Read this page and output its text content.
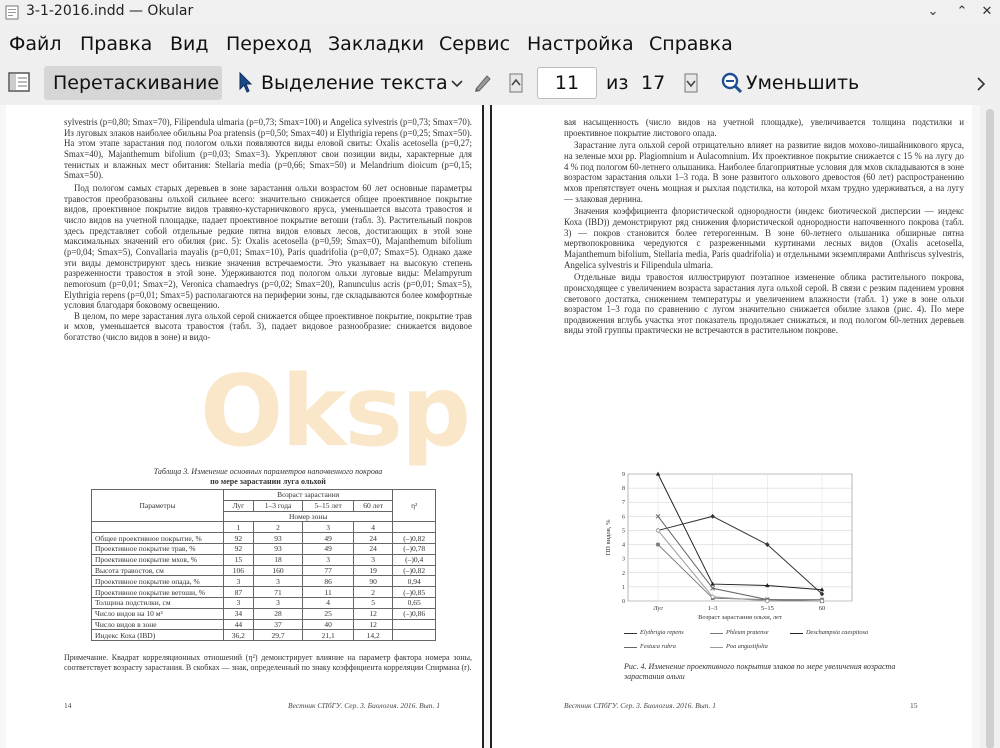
3-1-2016.indd — Okular	⌄ ⌃ ✕
Файл Правка Вид Переход Закладки Сервис Настройка Справка
Перетаскивание Выделение текста
11	из 17	Уменьшить

sylvestris (p=0,80; Smax=70), Filipendula ulmaria (p=0,73; Smax=100) и Angelica sylvestris (p=0,73; Smax=70). Из луговых злаков наиболее обильны Poa pratensis (p=0,50; Smax=40) и Elythrigia repens (p=0,25; Smax=50). На этом этапе зарастания под пологом ольхи появляются виды еловой свиты: Oxalis acetosella (p=0,27; Smax=40), Majanthemum bifolium (p=0,03; Smax=3). Укрепляют свои позиции виды, характерные для тенистых и влажных мест обитания: Stellaria media (p=0,66; Smax=50) и Melandrium dioicum (p=0,15; Smax=50).

Под пологом самых старых деревьев в зоне зарастания ольхи возрастом 60 лет основные параметры травостоя преобразованы ольхой сильнее всего: значительно снижается общее проективное покрытие видов, проективное покрытие видов травяно-кустарничкового яруса, уменьшается высота травостоя и число видов на учетной площадке, падает проективное покрытие ветоши (табл. 3). Растительный покров здесь представляет собой отдельные редкие пятна видов еловых лесов, достигающих в этой зоне максимальных значений его обилия (рис. 5): Oxalis acetosella (p=0,59; Smax=0), Majanthemum bifolium (p=0,04; Smax=5), Convallaria mayalis (p=0,01; Smax=10), Paris quadrifolia (p=0,07; Smax=5). Однако даже эти виды демонстрируют здесь низкие значения встречаемости. Это указывает на высокую степень разреженности травостоя в этой зоне. Удерживаются под пологом ольхи луговые виды: Melampyrum nemorosum (p=0,01; Smax=2), Veronica chamaedrys (p=0,02; Smax=20), Ranunculus acris (p=0,01; Smax=5), Elythrigia repens (p=0,01; Smax=5) располагаются на периферии зоны, где складываются более комфортные условия благодаря боковому освещению.

В целом, по мере зарастания луга ольхой серой снижается общее проективное покрытие, покрытие трав и мхов, уменьшается высота травостоя (табл. 3), падает видовое разнообразие: снижается видовое богатство (число видов в зоне) и видо-

Таблица 3. Изменение основных параметров напочвенного покрова
по мере зарастании луга ольхой
Параметры	Возраст зарастания				η²
	Луг	1–3 года	5–15 лет	60 лет	
	Номер зоны				
	1	2	3	4	
Общее проективное покрытие, %	92	93	49	24	(–)0,82
Проективное покрытие трав, %	92	93	49	24	(–)0,78
Проективное покрытие мхов, %	15	18	3	3	(–)0,4
Высота травостоя, см	106	160	77	19	(–)0,82
Проективное покрытие опада, %	3	3	86	90	0,94
Проективное покрытие ветоши, %	87	71	11	2	(–)0,85
Толщина подстилки, см	3	3	4	5	0,65
Число видов на 10 м²	34	28	25	12	(–)0,86
Число видов в зоне	44	37	40	12	
Индекс Коха (IBD)	36,2	29,7	21,1	14,2	
Примечание. Квадрат корреляционных отношений (η²) демонстрирует влияние на параметр фактора номера зоны, соответствует возрасту зарастания. В скобках — знак, определенный по знаку коэффициента корреляции Спирмана (r).
14	Вестник СПбГУ. Сер. 3. Биология. 2016. Вып. 1

вая насыщенность (число видов на учетной площадке), увеличивается толщина подстилки и проективное покрытие листового опада.

Зарастание луга ольхой серой отрицательно влияет на развитие видов мохово-лишайникового яруса, на зеленые мхи pp. Plagiomnium и Aulacomnium. Их проективное покрытие снижается с 15 % на лугу до 4 % под пологом 60-летнего ольшаника. Наиболее благоприятные условия для мхов складываются в зоне возрастом зарастания ольхи 1–3 года. В зоне развитого ольхового древостоя (60 лет) распространению мхов препятствует очень мощная и рыхлая подстилка, на которой мхам трудно удерживаться, а на лугу — злаковая дернина.

Значения коэффициента флористической однородности (индекс биотической дисперсии — индекс Коха (IBD)) демонстрируют ряд снижения флористической однородности напочвенного покрова (табл. 3) — покров становится более гетерогенным. В зоне 60-летнего ольшаника обширные пятна мертвопокровника чередуются с разреженными куртинами лесных видов (Oxalis acetosella, Majanthemum bifolium, Stellaria media, Paris quadrifolia) и отдельными экземплярами Anthriscus sylvestris, Angelica sylvestris и Filipendula ulmaria.

Отдельные виды травостоя иллюстрируют поэтапное изменение облика растительного покрова, происходящее с увеличением возраста зарастания луга ольхой серой. В связи с резким падением уровня светового достатка, снижением температуры и увеличением влажности (табл. 1) уже в зоне ольхи возрастом 1–3 года по сравнению с лугом значительно снижается обилие злаков (рис. 4). По мере продвижения вглубь участка этот показатель продолжает снижаться, и под пологом 60-летних деревьев виды этой группы практически не встречаются в растительном покрове.

Рис. 4. Изменение проективного покрытия злаков по мере увеличения возраста зарастания ольхи
Вестник СПбГУ. Сер. 3. Биология. 2016. Вып. 1	15
0
1
2
3
4
5
6
7
8
9
Луг	1–3	5–15	60
Возраст зарастания ольхи, лет
ПП видов, %
Elythrigia repens	Phleum pratense	Deschampsia caespitosa
Festuca rubra	Poa angustifolia
Oksp
